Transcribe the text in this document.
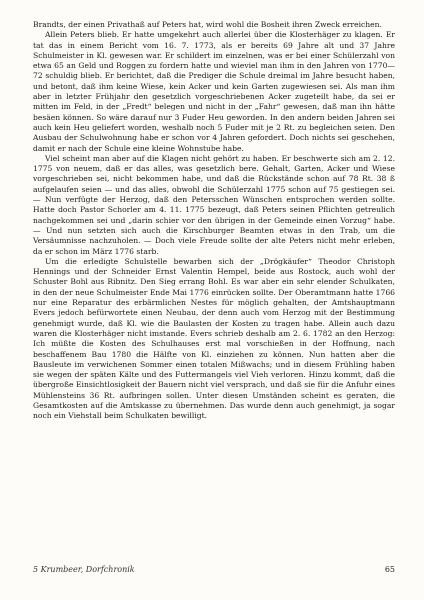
Brandts, der einen Privathaß auf Peters hat, wird wohl die Bosheit ihren Zweck erreichen.

Allein Peters blieb. Er hatte umgekehrt auch allerlei über die Klosterhäger zu klagen. Er tat das in einem Bericht vom 16. 7. 1773, als er bereits 69 Jahre alt und 37 Jahre Schulmeister in Kl. gewesen war. Er schildert im einzelnen, was er bei einer Schülerzahl von etwa 65 an Geld und Roggen zu fordern hatte und wieviel man ihm in den Jahren von 1770—72 schuldig blieb. Er berichtet, daß die Prediger die Schule dreimal im Jahre besucht haben, und betont, daß ihm keine Wiese, kein Acker und kein Garten zugewiesen sei. Als man ihm aber in letzter Frühjahr den gesetzlich vorgeschriebenen Acker zugeteilt habe, da sei er mitten im Feld, in der „Fredt“ belegen und nicht in der „Fahr“ gewesen, daß man ihn hätte besäen können. So wäre darauf nur 3 Fuder Heu geworden. In den andern beiden Jahren sei auch kein Heu geliefert worden, weshalb noch 5 Fuder mit je 2 Rt. zu begleichen seien. Den Ausbau der Schulwohnung habe er schon vor 4 Jahren gefordert. Doch nichts sei geschehen, damit er nach der Schule eine kleine Wohnstube habe.

Viel scheint man aber auf die Klagen nicht gehört zu haben. Er beschwerte sich am 2. 12. 1775 von neuem, daß er das alles, was gesetzlich bere. Gehalt, Garten, Acker und Wiese vorgeschrieben sei, nicht bekommen habe, und daß die Rückstände schon auf 78 Rt. 38 ß aufgelaufen seien — und das alles, obwohl die Schülerzahl 1775 schon auf 75 gestiegen sei. — Nun verfügte der Herzog, daß den Petersschen Wünschen entsprochen werden sollte. Hatte doch Pastor Schorler am 4. 11. 1775 bezeugt, daß Peters seinen Pflichten getreulich nachgekommen sei und „darin schier vor den übrigen in der Gemeinde einen Vorzug“ habe. — Und nun setzten sich auch die Kirschburger Beamten etwas in den Trab, um die Versäumnisse nachzuholen. — Doch viele Freude sollte der alte Peters nicht mehr erleben, da er schon im März 1776 starb.

Um die erledigte Schulstelle bewarben sich der „Drögkäufer“ Theodor Christoph Hennings und der Schneider Ernst Valentin Hempel, beide aus Rostock, auch wohl der Schuster Bohl aus Ribnitz. Den Sieg errang Bohl. Es war aber ein sehr elender Schulkaten, in den der neue Schulmeister Ende Mai 1776 einrücken sollte. Der Oberamtmann hatte 1766 nur eine Reparatur des erbärmlichen Nestes für möglich gehalten, der Amtshauptmann Evers jedoch befürwortete einen Neubau, der denn auch vom Herzog mit der Bestimmung genehmigt wurde, daß Kl. wie die Baulasten der Kosten zu tragen habe. Allein auch dazu waren die Klosterhäger nicht imstande. Evers schrieb deshalb am 2. 6. 1782 an den Herzog: Ich müßte die Kosten des Schulhauses erst mal vorschießen in der Hoffnung, nach beschaffenem Bau 1780 die Hälfte von Kl. einziehen zu können. Nun hatten aber die Bausleute im verwichenen Sommer einen totalen Mißwachs; und in diesem Frühling haben sie wegen der späten Kälte und des Futtermangels viel Vieh verloren. Hinzu kommt, daß die übergroße Einsichtlosigkeit der Bauern nicht viel versprach, und daß sie für die Anfuhr eines Mühlensteins 36 Rt. aufbringen sollen. Unter diesen Umständen scheint es geraten, die Gesamtkosten auf die Amtskasse zu übernehmen. Das wurde denn auch genehmigt, ja sogar noch ein Viehstall beim Schulkaten bewilligt.

5 Krumbeer, Dorfchronik	65
